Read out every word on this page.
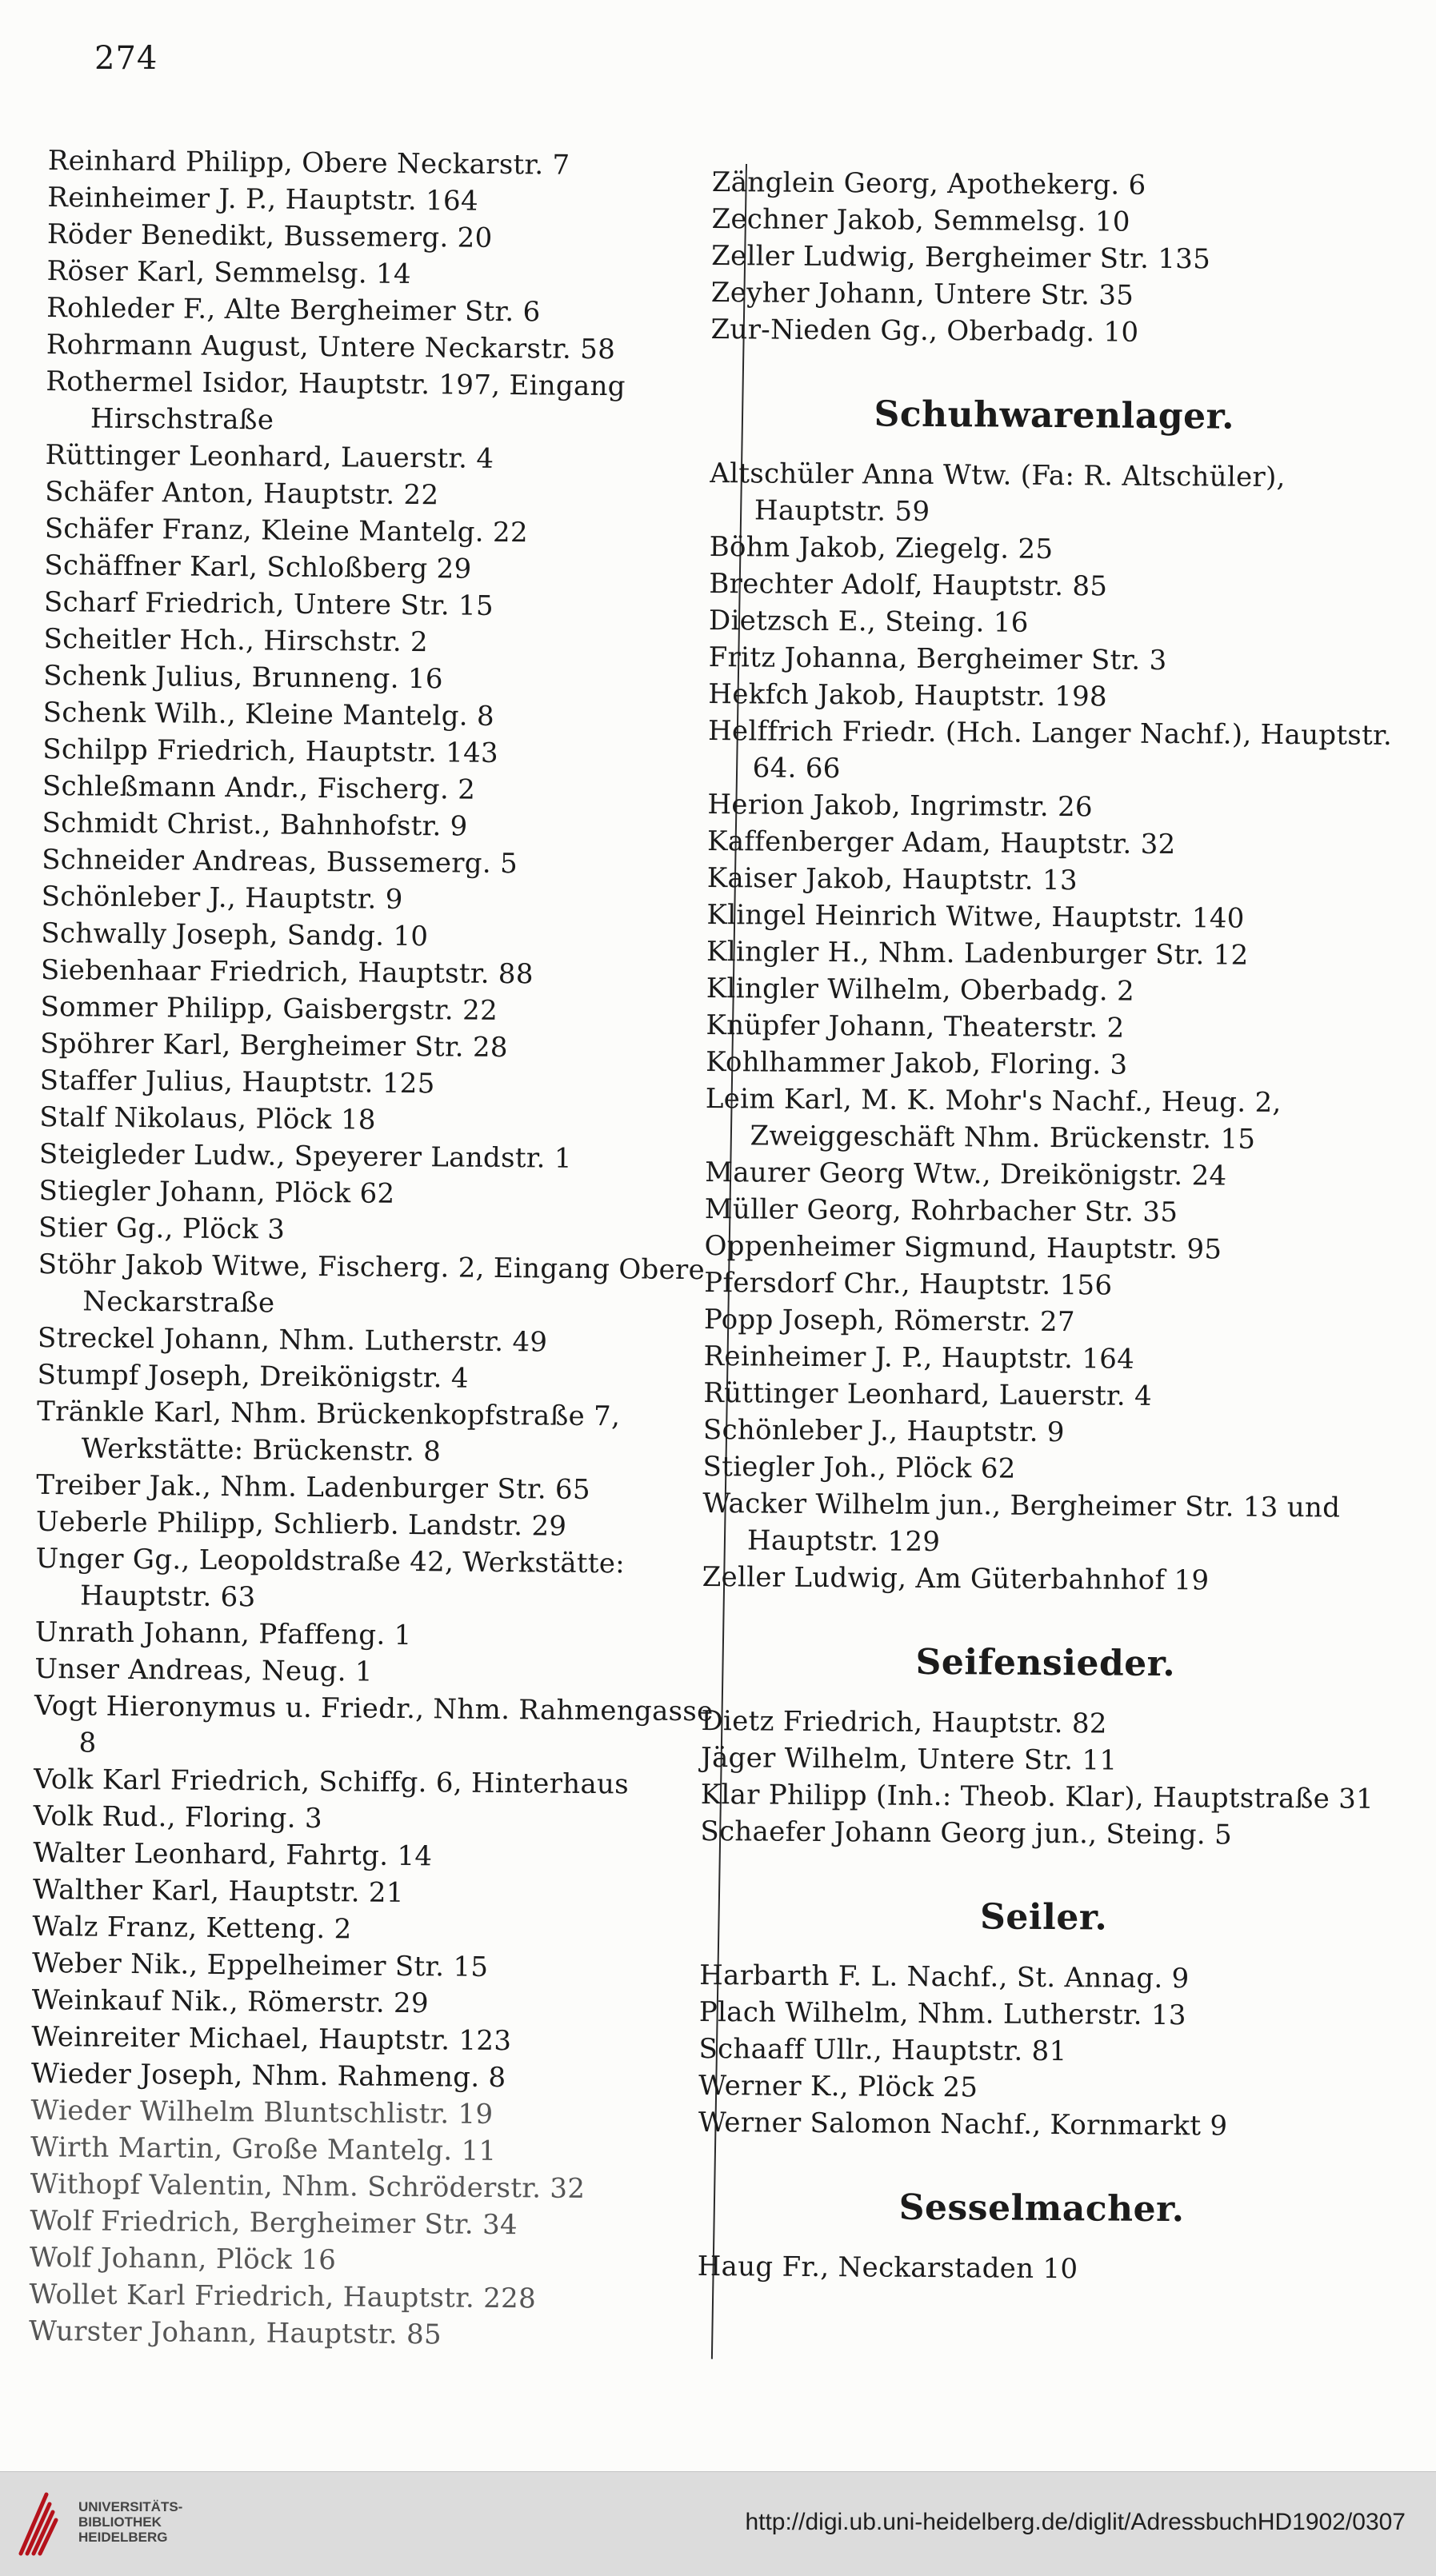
274
Reinhard Philipp, Obere Neckarstr. 7
Reinheimer J. P., Hauptstr. 164
Röder Benedikt, Bussemerg. 20
Röser Karl, Semmelsg. 14
Rohleder F., Alte Bergheimer Str. 6
Rohrmann August, Untere Neckarstr. 58
Rothermel Isidor, Hauptstr. 197, Eingang Hirschstraße
Rüttinger Leonhard, Lauerstr. 4
Schäfer Anton, Hauptstr. 22
Schäfer Franz, Kleine Mantelg. 22
Schäffner Karl, Schloßberg 29
Scharf Friedrich, Untere Str. 15
Scheitler Hch., Hirschstr. 2
Schenk Julius, Brunneng. 16
Schenk Wilh., Kleine Mantelg. 8
Schilpp Friedrich, Hauptstr. 143
Schleßmann Andr., Fischerg. 2
Schmidt Christ., Bahnhofstr. 9
Schneider Andreas, Bussemerg. 5
Schönleber J., Hauptstr. 9
Schwally Joseph, Sandg. 10
Siebenhaar Friedrich, Hauptstr. 88
Sommer Philipp, Gaisbergstr. 22
Spöhrer Karl, Bergheimer Str. 28
Staffer Julius, Hauptstr. 125
Stalf Nikolaus, Plöck 18
Steigleder Ludw., Speyerer Landstr. 1
Stiegler Johann, Plöck 62
Stier Gg., Plöck 3
Stöhr Jakob Witwe, Fischerg. 2, Eingang Obere Neckarstraße
Streckel Johann, Nhm. Lutherstr. 49
Stumpf Joseph, Dreikönigstr. 4
Tränkle Karl, Nhm. Brückenkopfstraße 7, Werkstätte: Brückenstr. 8
Treiber Jak., Nhm. Ladenburger Str. 65
Ueberle Philipp, Schlierb. Landstr. 29
Unger Gg., Leopoldstraße 42, Werkstätte: Hauptstr. 63
Unrath Johann, Pfaffeng. 1
Unser Andreas, Neug. 1
Vogt Hieronymus u. Friedr., Nhm. Rahmengasse 8
Volk Karl Friedrich, Schiffg. 6, Hinterhaus
Volk Rud., Floring. 3
Walter Leonhard, Fahrtg. 14
Walther Karl, Hauptstr. 21
Walz Franz, Ketteng. 2
Weber Nik., Eppelheimer Str. 15
Weinkauf Nik., Römerstr. 29
Weinreiter Michael, Hauptstr. 123
Wieder Joseph, Nhm. Rahmeng. 8
Wieder Wilhelm Bluntschlistr. 19
Wirth Martin, Große Mantelg. 11
Withopf Valentin, Nhm. Schröderstr. 32
Wolf Friedrich, Bergheimer Str. 34
Wolf Johann, Plöck 16
Wollet Karl Friedrich, Hauptstr. 228
Wurster Johann, Hauptstr. 85
Zänglein Georg, Apothekerg. 6
Zechner Jakob, Semmelsg. 10
Zeller Ludwig, Bergheimer Str. 135
Zeyher Johann, Untere Str. 35
Zur-Nieden Gg., Oberbadg. 10
Schuhwarenlager.
Altschüler Anna Wtw. (Fa: R. Altschüler), Hauptstr. 59
Böhm Jakob, Ziegelg. 25
Brechter Adolf, Hauptstr. 85
Dietzsch E., Steing. 16
Fritz Johanna, Bergheimer Str. 3
Hekfch Jakob, Hauptstr. 198
Helffrich Friedr. (Hch. Langer Nachf.), Hauptstr. 64. 66
Herion Jakob, Ingrimstr. 26
Kaffenberger Adam, Hauptstr. 32
Kaiser Jakob, Hauptstr. 13
Klingel Heinrich Witwe, Hauptstr. 140
Klingler H., Nhm. Ladenburger Str. 12
Klingler Wilhelm, Oberbadg. 2
Knüpfer Johann, Theaterstr. 2
Kohlhammer Jakob, Floring. 3
Leim Karl, M. K. Mohr's Nachf., Heug. 2, Zweiggeschäft Nhm. Brückenstr. 15
Maurer Georg Wtw., Dreikönigstr. 24
Müller Georg, Rohrbacher Str. 35
Oppenheimer Sigmund, Hauptstr. 95
Pfersdorf Chr., Hauptstr. 156
Popp Joseph, Römerstr. 27
Reinheimer J. P., Hauptstr. 164
Rüttinger Leonhard, Lauerstr. 4
Schönleber J., Hauptstr. 9
Stiegler Joh., Plöck 62
Wacker Wilhelm jun., Bergheimer Str. 13 und Hauptstr. 129
Zeller Ludwig, Am Güterbahnhof 19
Seifensieder.
Dietz Friedrich, Hauptstr. 82
Jäger Wilhelm, Untere Str. 11
Klar Philipp (Inh.: Theob. Klar), Hauptstraße 31
Schaefer Johann Georg jun., Steing. 5
Seiler.
Harbarth F. L. Nachf., St. Annag. 9
Plach Wilhelm, Nhm. Lutherstr. 13
Schaaff Ullr., Hauptstr. 81
Werner K., Plöck 25
Werner Salomon Nachf., Kornmarkt 9
Sesselmacher.
Haug Fr., Neckarstaden 10
UNIVERSITÄTS-
BIBLIOTHEK
HEIDELBERG
http://digi.ub.uni-heidelberg.de/diglit/AdressbuchHD1902/0307
